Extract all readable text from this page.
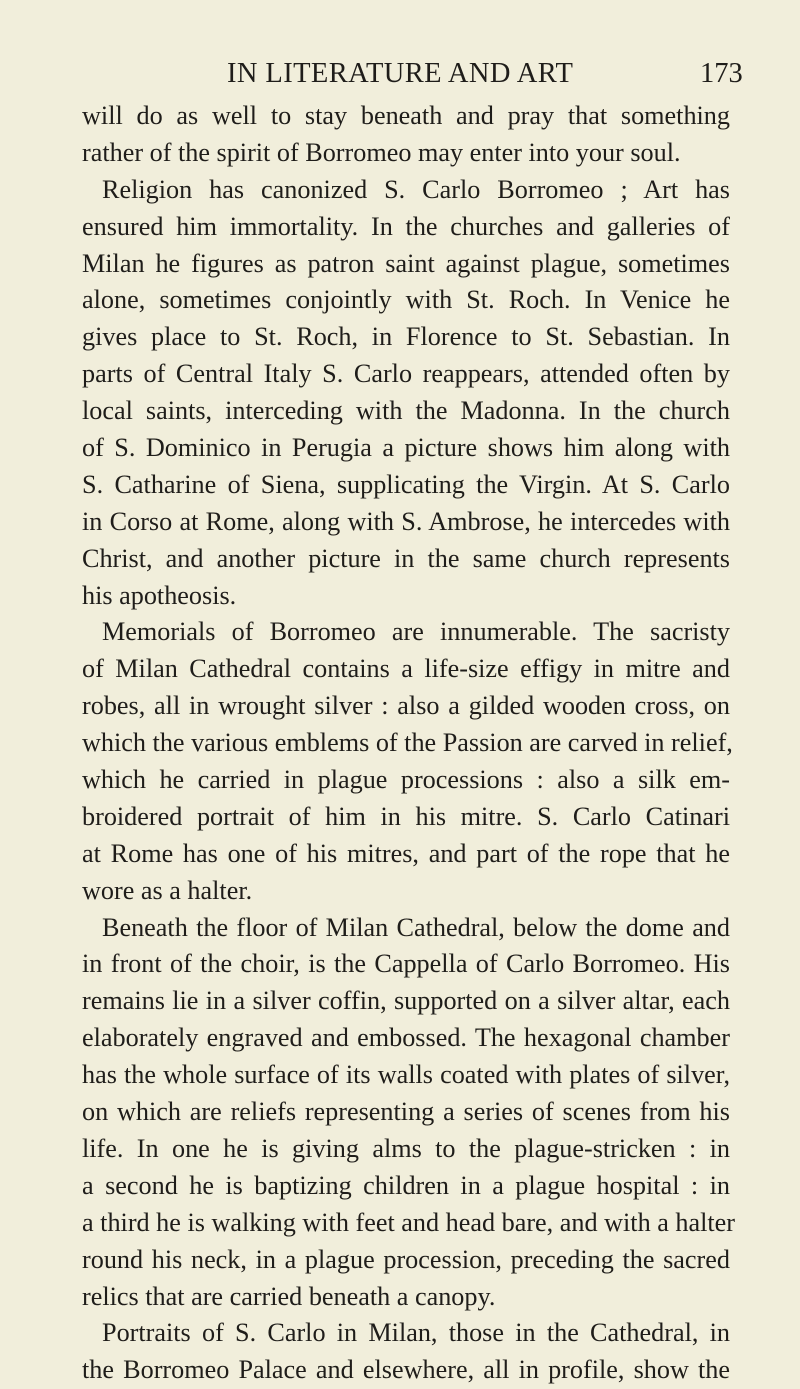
IN LITERATURE AND ART	173
will do as well to stay beneath and pray that something
rather of the spirit of Borromeo may enter into your soul.
Religion has canonized S. Carlo Borromeo ; Art has
ensured him immortality. In the churches and galleries of
Milan he figures as patron saint against plague, sometimes
alone, sometimes conjointly with St. Roch. In Venice he
gives place to St. Roch, in Florence to St. Sebastian. In
parts of Central Italy S. Carlo reappears, attended often by
local saints, interceding with the Madonna. In the church
of S. Dominico in Perugia a picture shows him along with
S. Catharine of Siena, supplicating the Virgin. At S. Carlo
in Corso at Rome, along with S. Ambrose, he intercedes with
Christ, and another picture in the same church represents
his apotheosis.
Memorials of Borromeo are innumerable. The sacristy
of Milan Cathedral contains a life-size effigy in mitre and
robes, all in wrought silver : also a gilded wooden cross, on
which the various emblems of the Passion are carved in relief,
which he carried in plague processions : also a silk em-
broidered portrait of him in his mitre. S. Carlo Catinari
at Rome has one of his mitres, and part of the rope that he
wore as a halter.
Beneath the floor of Milan Cathedral, below the dome and
in front of the choir, is the Cappella of Carlo Borromeo. His
remains lie in a silver coffin, supported on a silver altar, each
elaborately engraved and embossed. The hexagonal chamber
has the whole surface of its walls coated with plates of silver,
on which are reliefs representing a series of scenes from his
life. In one he is giving alms to the plague-stricken : in
a second he is baptizing children in a plague hospital : in
a third he is walking with feet and head bare, and with a halter
round his neck, in a plague procession, preceding the sacred
relics that are carried beneath a canopy.
Portraits of S. Carlo in Milan, those in the Cathedral, in
the Borromeo Palace and elsewhere, all in profile, show the
